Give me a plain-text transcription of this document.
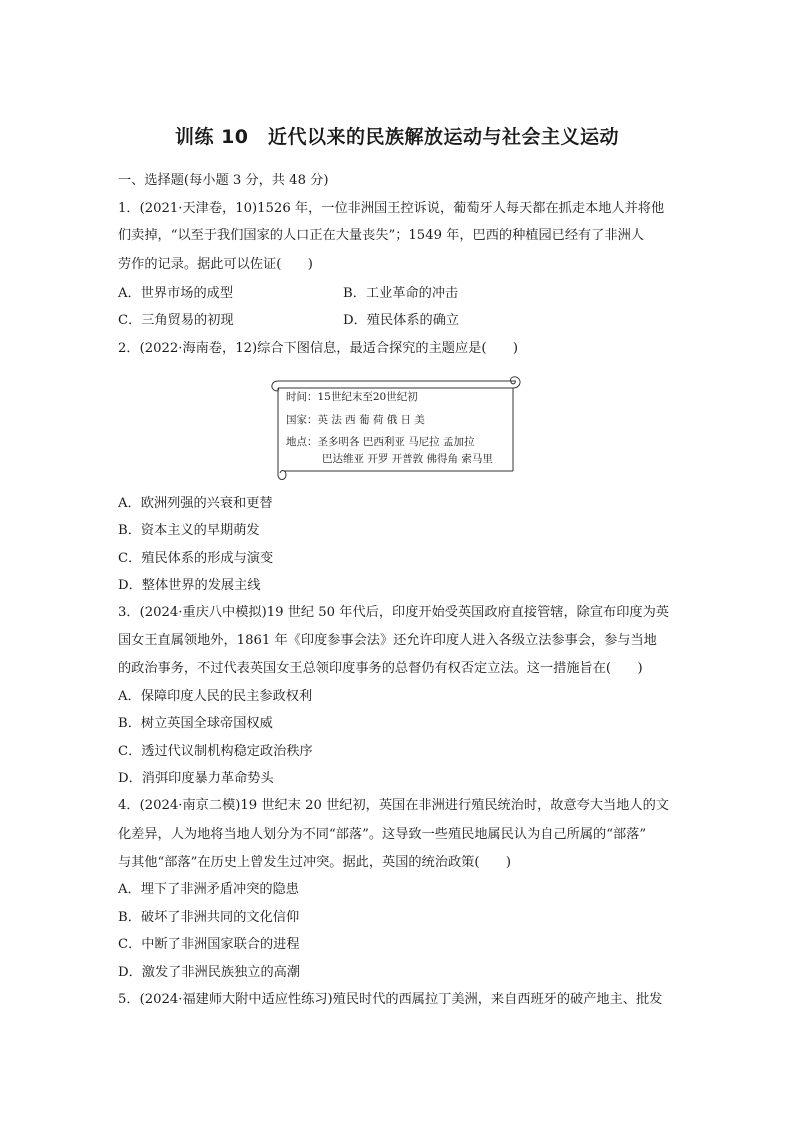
训练 10　近代以来的民族解放运动与社会主义运动
一、选择题(每小题 3 分，共 48 分)
1．(2021·天津卷，10)1526 年，一位非洲国王控诉说，葡萄牙人每天都在抓走本地人并将他
们卖掉，“以至于我们国家的人口正在大量丧失”；1549 年，巴西的种植园已经有了非洲人
劳作的记录。据此可以佐证(　　)
A．世界市场的成型	B．工业革命的冲击
C．三角贸易的初现	D．殖民体系的确立
2．(2022·海南卷，12)综合下图信息，最适合探究的主题应是(　　)
时间：15世纪末至20世纪初
国家：英 法 西 葡 荷 俄 日 美
地点：圣多明各 巴西利亚 马尼拉 孟加拉
巴达维亚 开罗 开普敦 佛得角 索马里
A．欧洲列强的兴衰和更替
B．资本主义的早期萌发
C．殖民体系的形成与演变
D．整体世界的发展主线
3．(2024·重庆八中模拟)19 世纪 50 年代后，印度开始受英国政府直接管辖，除宣布印度为英
国女王直属领地外，1861 年《印度参事会法》还允许印度人进入各级立法参事会，参与当地
的政治事务，不过代表英国女王总领印度事务的总督仍有权否定立法。这一措施旨在(　　)
A．保障印度人民的民主参政权利
B．树立英国全球帝国权威
C．透过代议制机构稳定政治秩序
D．消弭印度暴力革命势头
4．(2024·南京二模)19 世纪末 20 世纪初，英国在非洲进行殖民统治时，故意夸大当地人的文
化差异，人为地将当地人划分为不同“部落”。这导致一些殖民地属民认为自己所属的“部落”
与其他“部落”在历史上曾发生过冲突。据此，英国的统治政策(　　)
A．埋下了非洲矛盾冲突的隐患
B．破坏了非洲共同的文化信仰
C．中断了非洲国家联合的进程
D．激发了非洲民族独立的高潮
5．(2024·福建师大附中适应性练习)殖民时代的西属拉丁美洲，来自西班牙的破产地主、批发
